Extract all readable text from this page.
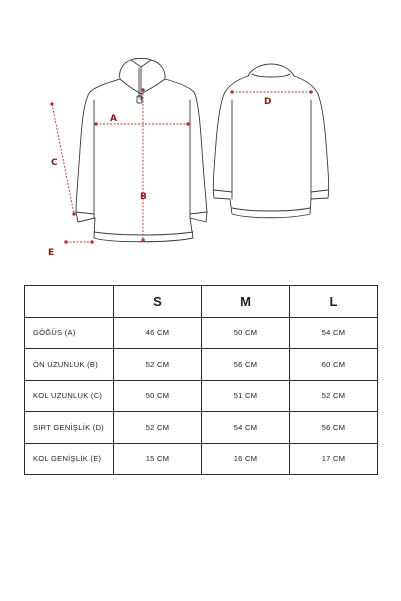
A
B
C
E
D
	S	M	L
GÖĞÜS (A)	46 CM	50 CM	54 CM
ÖN UZUNLUK (B)	52 CM	56 CM	60 CM
KOL UZUNLUK (C)	50 CM	51 CM	52 CM
SIRT GENİŞLİK (D)	52 CM	54 CM	56 CM
KOL GENİŞLİK (E)	15 CM	16 CM	17 CM
